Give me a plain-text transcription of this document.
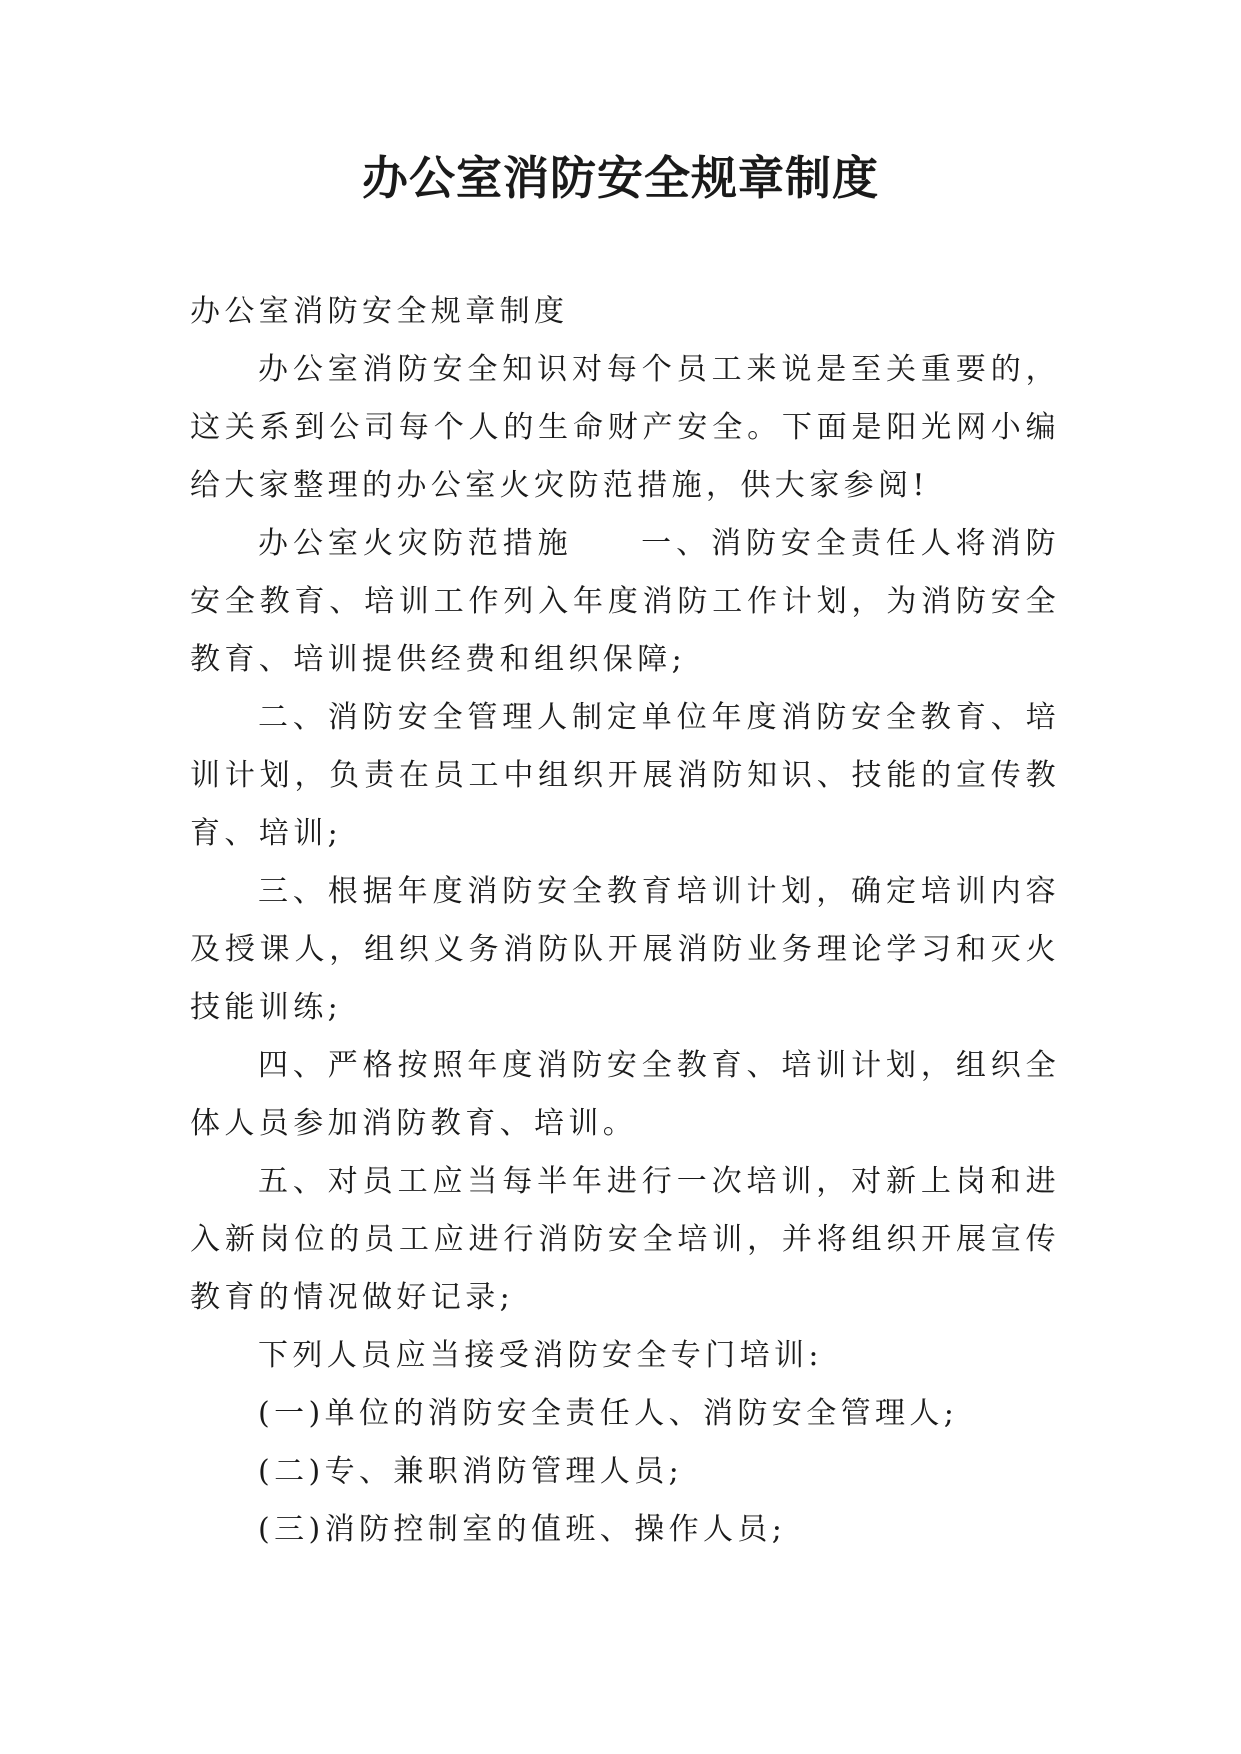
办公室消防安全规章制度

办公室消防安全规章制度

办公室消防安全知识对每个员工来说是至关重要的，这关系到公司每个人的生命财产安全。下面是阳光网小编给大家整理的办公室火灾防范措施，供大家参阅!

办公室火灾防范措施 一、消防安全责任人将消防安全教育、培训工作列入年度消防工作计划，为消防安全教育、培训提供经费和组织保障;

二、消防安全管理人制定单位年度消防安全教育、培训计划，负责在员工中组织开展消防知识、技能的宣传教育、培训;

三、根据年度消防安全教育培训计划，确定培训内容及授课人，组织义务消防队开展消防业务理论学习和灭火技能训练;

四、严格按照年度消防安全教育、培训计划，组织全体人员参加消防教育、培训。

五、对员工应当每半年进行一次培训，对新上岗和进入新岗位的员工应进行消防安全培训，并将组织开展宣传教育的情况做好记录;

下列人员应当接受消防安全专门培训:

(一)单位的消防安全责任人、消防安全管理人;

(二)专、兼职消防管理人员;

(三)消防控制室的值班、操作人员;
